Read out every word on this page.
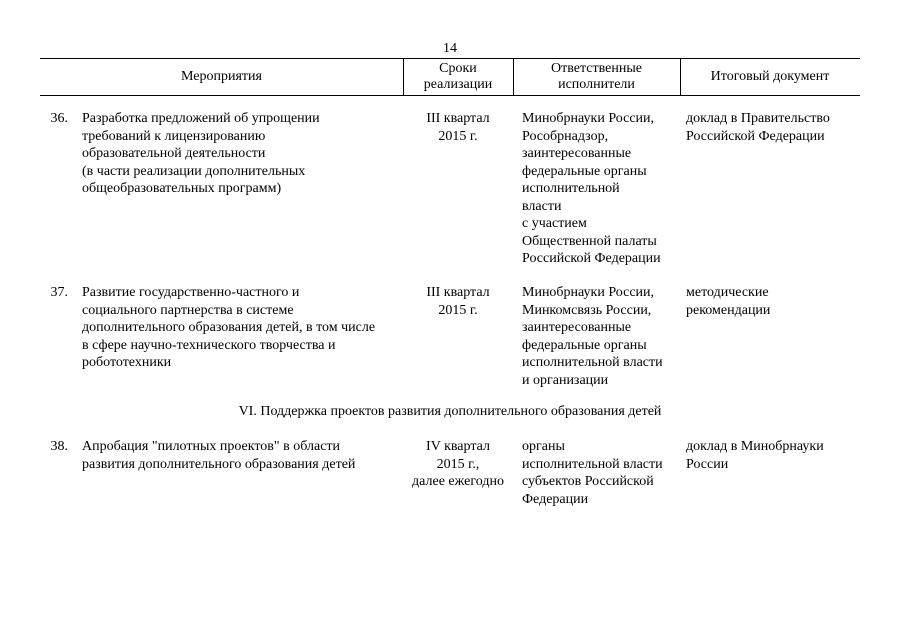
14
Мероприятия
Сроки
реализации
Ответственные
исполнители
Итоговый документ
36. Разработка предложений об упрощении
требований к лицензированию
образовательной деятельности
(в части реализации дополнительных
общеобразовательных программ)
III квартал
2015 г.
Минобрнауки России,
Рособрнадзор,
заинтересованные
федеральные органы
исполнительной
власти
с участием
Общественной палаты
Российской Федерации
доклад в Правительство
Российской Федерации
37. Развитие государственно-частного и
социального партнерства в системе
дополнительного образования детей, в том числе
в сфере научно-технического творчества и
робототехники
III квартал
2015 г.
Минобрнауки России,
Минкомсвязь России,
заинтересованные
федеральные органы
исполнительной власти
и организации
методические
рекомендации
VI. Поддержка проектов развития дополнительного образования детей
38. Апробация "пилотных проектов" в области
развития дополнительного образования детей
IV квартал
2015 г.,
далее ежегодно
органы
исполнительной власти
субъектов Российской
Федерации
доклад в Минобрнауки
России
